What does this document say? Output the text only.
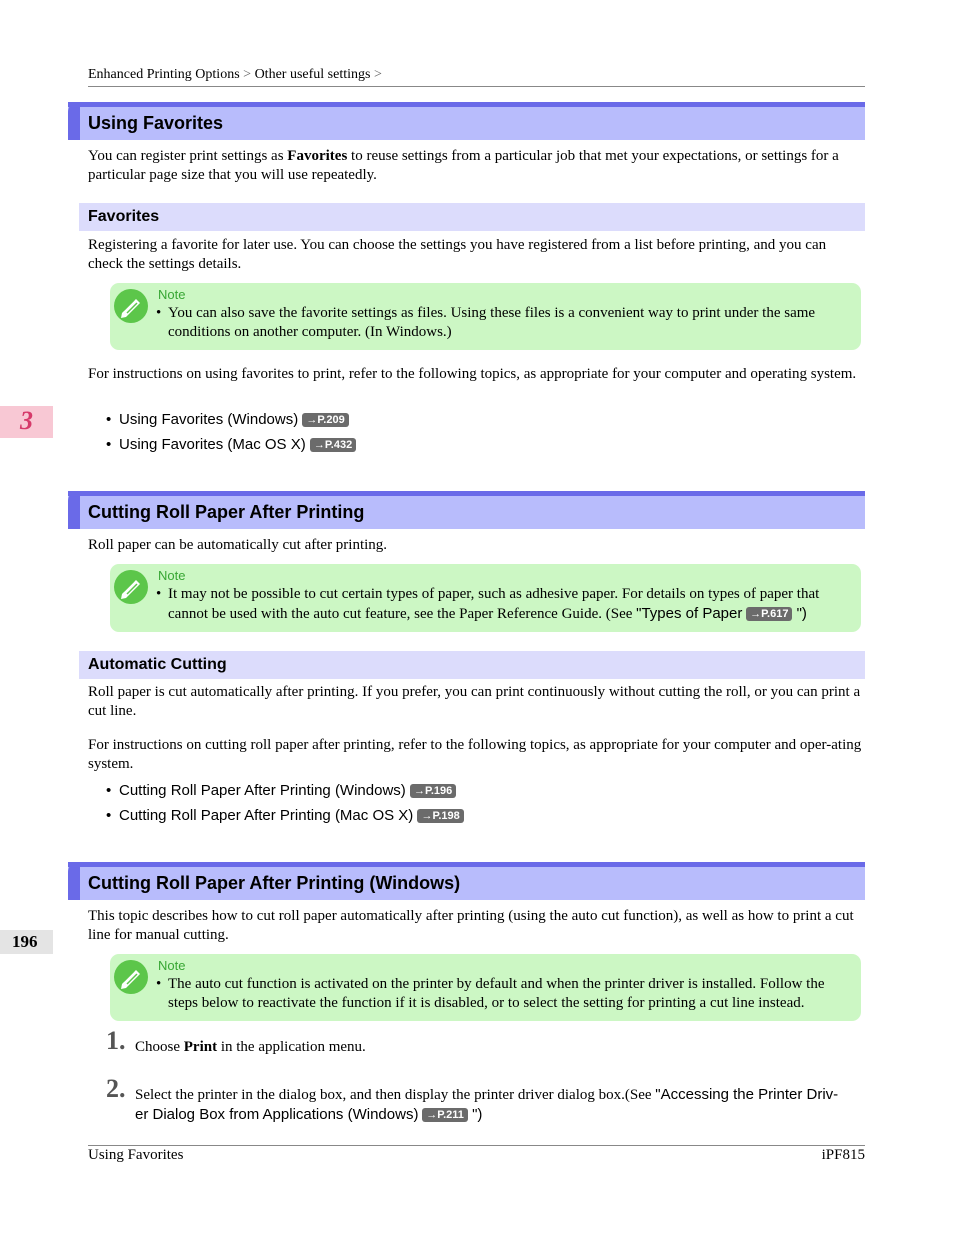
Enhanced Printing Options > Other useful settings >
Using Favorites
You can register print settings as Favorites to reuse settings from a particular job that met your expectations, or settings for a particular page size that you will use repeatedly.
Favorites
Registering a favorite for later use. You can choose the settings you have registered from a list before printing, and you can check the settings details.
Note
• You can also save the favorite settings as files. Using these files is a convenient way to print under the same conditions on another computer. (In Windows.)
For instructions on using favorites to print, refer to the following topics, as appropriate for your computer and operating system.
• Using Favorites (Windows) →P.209
• Using Favorites (Mac OS X) →P.432
3
Cutting Roll Paper After Printing
Roll paper can be automatically cut after printing.
Note
• It may not be possible to cut certain types of paper, such as adhesive paper. For details on types of paper that cannot be used with the auto cut feature, see the Paper Reference Guide. (See "Types of Paper →P.617 ")
Automatic Cutting
Roll paper is cut automatically after printing. If you prefer, you can print continuously without cutting the roll, or you can print a cut line.
For instructions on cutting roll paper after printing, refer to the following topics, as appropriate for your computer and oper-ating system.
• Cutting Roll Paper After Printing (Windows) →P.196
• Cutting Roll Paper After Printing (Mac OS X) →P.198
Cutting Roll Paper After Printing (Windows)
This topic describes how to cut roll paper automatically after printing (using the auto cut function), as well as how to print a cut line for manual cutting.
196
Note
• The auto cut function is activated on the printer by default and when the printer driver is installed. Follow the steps below to reactivate the function if it is disabled, or to select the setting for printing a cut line instead.
1. Choose Print in the application menu.
2. Select the printer in the dialog box, and then display the printer driver dialog box.(See "Accessing the Printer Driv-
er Dialog Box from Applications (Windows) →P.211 ")
Using Favorites	iPF815
